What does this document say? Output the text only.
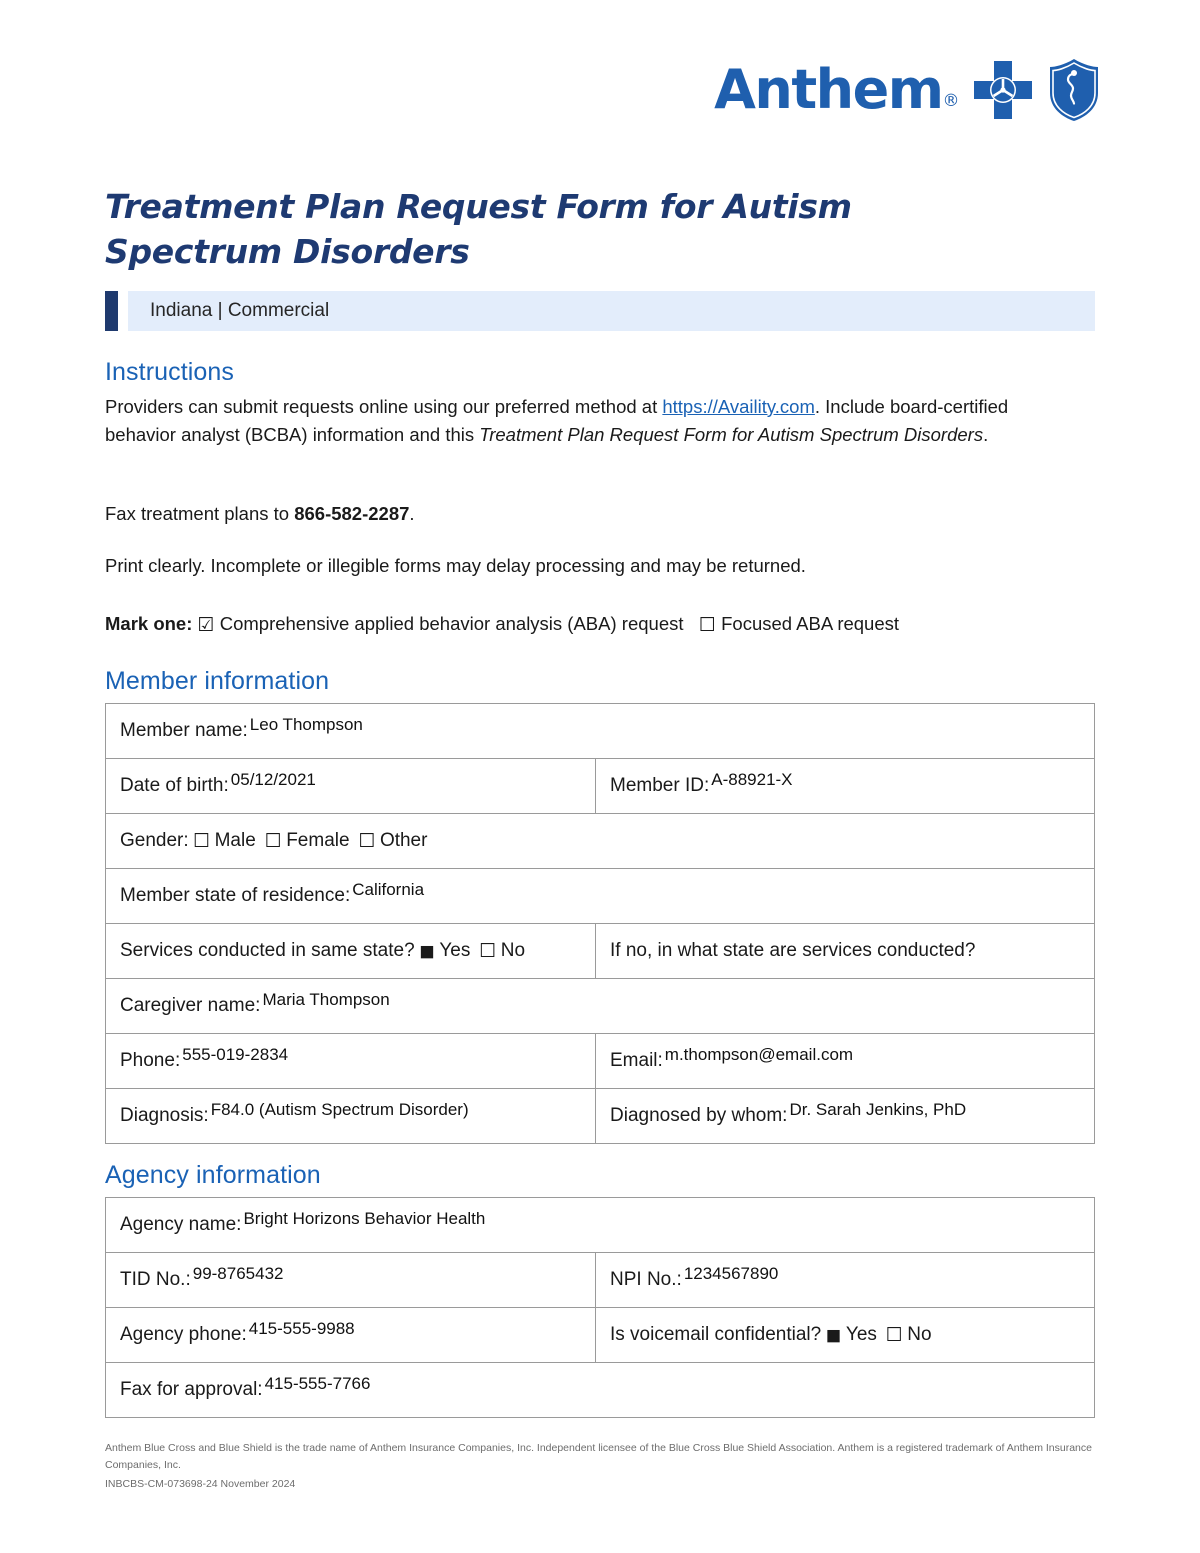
Anthem®
Treatment Plan Request Form for Autism Spectrum Disorders
Indiana | Commercial
Instructions
Providers can submit requests online using our preferred method at https://Availity.com. Include board-certified behavior analyst (BCBA) information and this Treatment Plan Request Form for Autism Spectrum Disorders.
Fax treatment plans to 866-582-2287.
Print clearly. Incomplete or illegible forms may delay processing and may be returned.
Mark one: ☑ Comprehensive applied behavior analysis (ABA) request ☐ Focused ABA request
Member information
Member name: Leo Thompson
Date of birth: 05/12/2021	Member ID: A-88921-X
Gender:
☐
Male
☐
Female
☐
Other
Member state of residence: California
Services conducted in same state?
◼
Yes
☐
No	If no, in what state are services conducted?
Caregiver name: Maria Thompson
Phone: 555-019-2834	Email: m.thompson@email.com
Diagnosis: F84.0 (Autism Spectrum Disorder)	Diagnosed by whom: Dr. Sarah Jenkins, PhD
Agency information
Agency name: Bright Horizons Behavior Health
TID No.: 99-8765432	NPI No.: 1234567890
Agency phone: 415-555-9988	Is voicemail confidential?
◼
Yes
☐
No
Fax for approval: 415-555-7766
Anthem Blue Cross and Blue Shield is the trade name of Anthem Insurance Companies, Inc. Independent licensee of the Blue Cross Blue Shield Association. Anthem is a registered trademark of Anthem Insurance Companies, Inc.
INBCBS-CM-073698-24 November 2024
